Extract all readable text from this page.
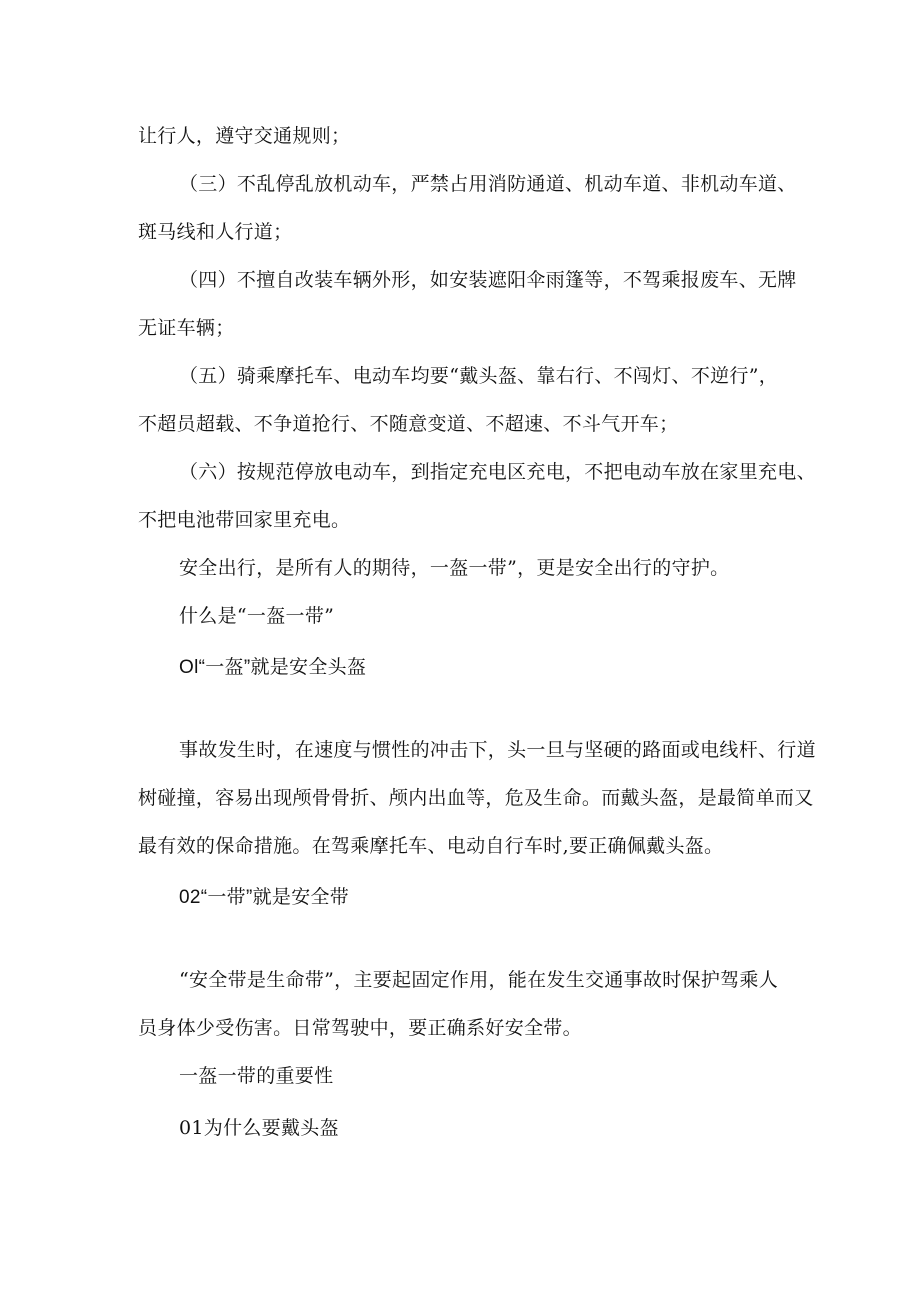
让行人，遵守交通规则；
（三）不乱停乱放机动车，严禁占用消防通道、机动车道、非机动车道、
斑马线和人行道；
（四）不擅自改装车辆外形，如安装遮阳伞雨篷等，不驾乘报废车、无牌
无证车辆；
（五）骑乘摩托车、电动车均要“戴头盔、靠右行、不闯灯、不逆行”，
不超员超载、不争道抢行、不随意变道、不超速、不斗气开车；
（六）按规范停放电动车，到指定充电区充电，不把电动车放在家里充电、
不把电池带回家里充电。
安全出行，是所有人的期待，一盔一带”，更是安全出行的守护。
什么是“一盔一带”
Ol“一盔”就是安全头盔
事故发生时，在速度与惯性的冲击下，头一旦与坚硬的路面或电线杆、行道
树碰撞，容易出现颅骨骨折、颅内出血等，危及生命。而戴头盔，是最简单而又
最有效的保命措施。在驾乘摩托车、电动自行车时,要正确佩戴头盔。
02“一带”就是安全带
“安全带是生命带”，主要起固定作用，能在发生交通事故时保护驾乘人
员身体少受伤害。日常驾驶中，要正确系好安全带。
一盔一带的重要性
01为什么要戴头盔
